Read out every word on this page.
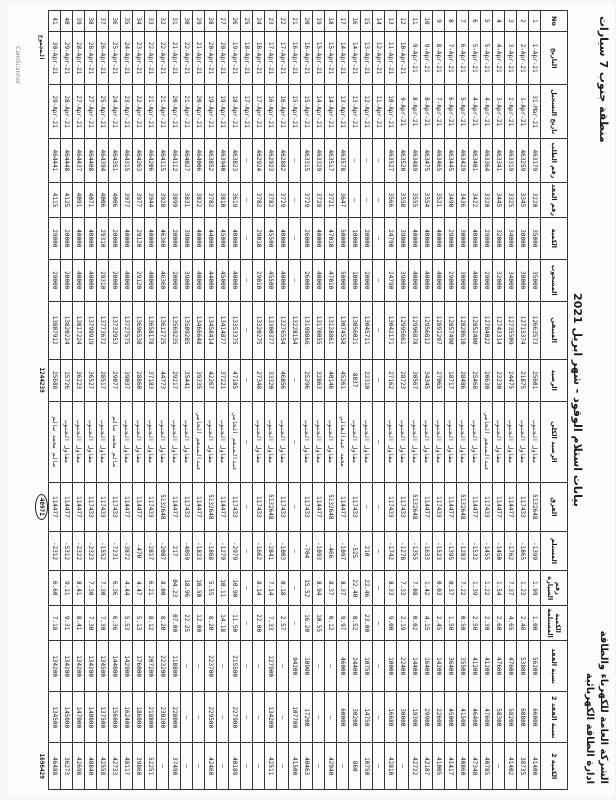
الشركة العامة للكهرباء والطاقة
ادارة الطاقة الكهربائية
منطقة جنوب 7 سيارات
بيانات استلام الوقود - شهر ابريل 2021
No	التاريخ	تاريخ التسجيل	رقم الطلب	رقم العقد	الكمية	المسحوب	المتبقي	الرصيد	الرصيد الكلي	الفرق	المستلم	رقم السيارة	الكمية المستلمة	نسبة الفقد	نسبة الفقد 2	الكمية 2
1	1-Apr-21	31-Mar-21	463179	3220	35000	35000	12663573	25601	مقاول الجنوب	5132648	-1399	1.99	1.00	56200	66000	41400
2	2-Apr-21	1-Apr-21	463259	3345	30000	30000	12715374	21875	مقاول الجنوب	117433	-1865	1.23	2.48	53800	60800	38735
3	3-Apr-21	2-Apr-21	463319	3325	34000	34000	12735509	24475	مقاول الجنوب	114477	-1762	7.37	4.65	47600	58200	41402
4	4-Apr-21	3-Apr-21	463341	3445	32000	32000	12743314	23230	مقاول الجنوب	114477	-1450	1.54	2.60	47600	58300	—
5	5-Apr-21	4-Apr-21	463364	3320	29000	29000	12784022	20630	عبدالمنعم الحاسي	117433	-1455	1.22	2.30	41200	47600	40785
6	5-Apr-21	4-Apr-21	463401	3422	40000	40000	12852400	25468	مقاول الجنوب	114477	-1532	1.39	2.50	41200	46400	47348
7	6-Apr-21	5-Apr-21	463429	3436	30000	30000	12828610	28486	مقاول الجنوب	5132648	-1283	7.22	0.50	35500	41500	40860
8	7-Apr-21	6-Apr-21	463445	3490	29000	29000	12857490	18717	مقاول الجنوب	114477	-1395	0.37	1.50	36400	45000	41417
9	8-Apr-21	7-Apr-21	463465	3521	40000	40000	12891297	27065	مقاول الجنوب	117433	-1523	0.03	2.45	14200	22600	41005
10	9-Apr-21	8-Apr-21	463475	3554	40000	40000	12956812	34345	مقاول الجنوب	114477	-1633	1.42	4.15	16400	29900	42187
11	9-Apr-21	8-Apr-21	463489	3555	40000	40000	12996878	30567	مقاول الجنوب	5132648	-1355	7.08	0.02	14400	19300	42722
12	10-Apr-21	9-Apr-21	463520	3558	39000	39000	12995661	28723	مقاول الجنوب	117433	-1278	7.33	2.19	22400	30000	—
13	11-Apr-21	10-Apr-21	463527	3566	24790	24790	13042171	27162	مقاول الجنوب	117433	-1742	8.33	9.00	10000	16680	42810
14	12-Apr-21	11-Apr-21	—	—	—	—	—	—	—	—	—	—	—	—	—	—
15	13-Apr-21	12-Apr-21	—	—	20000	20000	13045711	22310	مقاول الجنوب	—	210	22.46	23.00	10750	14750	10750
16	14-Apr-21	13-Apr-21	—	—	10000	10000	13056021	8037	مقاول الجنوب	117433	-525	22.40	0.52	24400	30200	860
17	14-Apr-21	13-Apr-21	463578	3647	50000	50000	13074558	45261	محمد عبدالعالي	114477	-1097	8.37	9.97	46000	60000	—
18	15-Apr-21	14-Apr-21	463517	3721	47010	47010	13128861	40146	مقاول الجنوب	5132648	-466	8.37	0.12	—	—	42940
19	15-Apr-21	14-Apr-21	463329	3729	40000	40000	13170055	32863	مقاول الجنوب	114477	-1093	8.94	10.55	—	—	—
20	16-Apr-21	15-Apr-21	463315	3729	26000	26000	13199866	25296	مقاول الجنوب	117433	-704	15.52	16.20	10900	17200	40463
21	16-Apr-21	15-Apr-21	—	—	—	—	13228154	—	—	—	—	—	—	94200	107700	41500
22	17-Apr-21	16-Apr-21	462882	3729	40000	40000	13276554	46856	مقاول الجنوب	117433	-1003	0.18	2.57	—	—	—
23	17-Apr-21	16-Apr-21	462923	3782	45500	45500	13300377	33320	مقاول الجنوب	5132648	-2841	7.14	7.33	127900	134200	42511
24	18-Apr-21	17-Apr-21	462924	3782	29010	29010	13320275	27348	مقاول الجنوب	117433	-1662	8.14	22.00	—	—	—
25	18-Apr-21	17-Apr-21	—	—	—	—	—	—	—	—	—	—	—	—	—	—
26	19-Apr-21	18-Apr-21	463823	3619	40000	40000	13353375	47185	عبدالمنعم الحاسي	117433	-2979	10.90	11.50	215500	227900	40189
27	20-Apr-21	19-Apr-21	463940	3810	45000	45000	13414877	37221	مقاول الجنوب	114477	-1279	10.11	14.18	—	—	—
28	20-Apr-21	19-Apr-21	463852	3782	44000	44000	13458414	42267	مقاول الجنوب	5132648	-1868	5.55	8.20	223700	229500	42460
29	21-Apr-21	20-Apr-21	464006	3822	40000	40000	13466648	39335	عبدالمنعم الحاسي	114477	-1823	10.50	12.00	—	—	—
30	22-Apr-21	21-Apr-21	464027	3831	39000	39000	13509285	35441	مقاول الجنوب	117433	-4059	18.96	22.25	—	—	—
31	21-Apr-21	20-Apr-21	464112	3899	20000	20000	13569235	29217	مقاول الجنوب	114477	217	04.23	07.00	118800	228000	37490
32	22-Apr-21	21-Apr-21	464115	3928	46360	46360	13612725	44773	مقاول الجنوب	5132648	-2087	8.00	8.20	223200	230200	—
33	22-Apr-21	21-Apr-21	464206	3944	40000	40000	13658178	37183	مقاول الجنوب	117433	-2817	6.21	8.12	207200	218800	52251
34	23-Apr-21	22-Apr-21	464263	3977	29120	29120	13696538	28860	مقاول الجنوب	114477	-470	4.47	5.13	176000	186000	39860
35	24-Apr-21	23-Apr-21	464315	3977	40000	40000	13727575	39037	مقاول الجنوب	114477	-3872	4.44	5.53	142900	162400	48117
36	25-Apr-21	24-Apr-21	464351	4006	20000	20000	13732953	29077	سالم محمد سالم	117433	-7231	6.36	6.36	144000	156000	42733
37	26-Apr-21	25-Apr-21	464394	4006	29310	29310	13773672	28517	مقاول الجنوب	117433	-1552	7.30	7.30	134500	137500	42558
38	28-Apr-21	27-Apr-21	464408	4071	40000	40000	13799919	36527	مقاول الجنوب	117433	-2323	7.30	7.30	134200	140000	40840
39	28-Apr-21	27-Apr-21	464437	4091	40000	40000	13817224	36223	مقاول الجنوب	114477	-2322	8.41	8.41	134200	147000	42698
40	29-Apr-21	28-Apr-21	464448	4125	20000	20000	13820224	15726	مقاول الجنوب	114477	-5312	9.11	9.31	134200	145000	36273
41	30-Apr-21	29-Apr-21	464441	4115	29000	29000	13807912	25688	سالم محمد سالم	114477	-2312	6.60	7.18	134200	134500	46488
المجموع								1244239		40971						1696429
CamScanner
